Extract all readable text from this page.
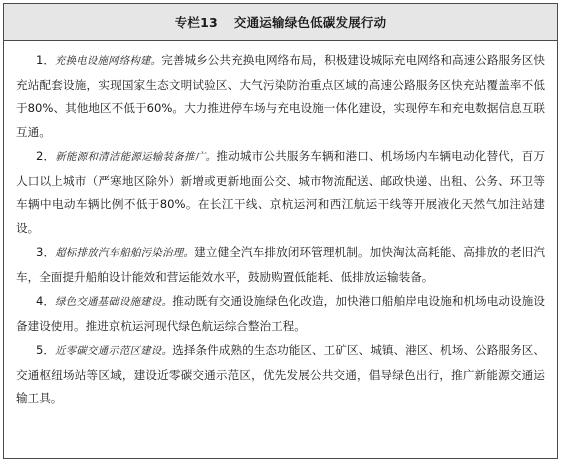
专栏13 交通运输绿色低碳发展行动

1．充换电设施网络构建。完善城乡公共充换电网络布局，积极建设城际充电网络和高速公路服务区快充站配套设施，实现国家生态文明试验区、大气污染防治重点区域的高速公路服务区快充站覆盖率不低于80%、其他地区不低于60%。大力推进停车场与充电设施一体化建设，实现停车和充电数据信息互联互通。

2．新能源和清洁能源运输装备推广。推动城市公共服务车辆和港口、机场场内车辆电动化替代，百万人口以上城市（严寒地区除外）新增或更新地面公交、城市物流配送、邮政快递、出租、公务、环卫等车辆中电动车辆比例不低于80%。在长江干线、京杭运河和西江航运干线等开展液化天然气加注站建设。

3．超标排放汽车船舶污染治理。建立健全汽车排放闭环管理机制。加快淘汰高耗能、高排放的老旧汽车，全面提升船舶设计能效和营运能效水平，鼓励购置低能耗、低排放运输装备。

4．绿色交通基础设施建设。推动既有交通设施绿色化改造，加快港口船舶岸电设施和机场电动设施设备建设使用。推进京杭运河现代绿色航运综合整治工程。

5．近零碳交通示范区建设。选择条件成熟的生态功能区、工矿区、城镇、港区、机场、公路服务区、交通枢纽场站等区域，建设近零碳交通示范区，优先发展公共交通，倡导绿色出行，推广新能源交通运输工具。
